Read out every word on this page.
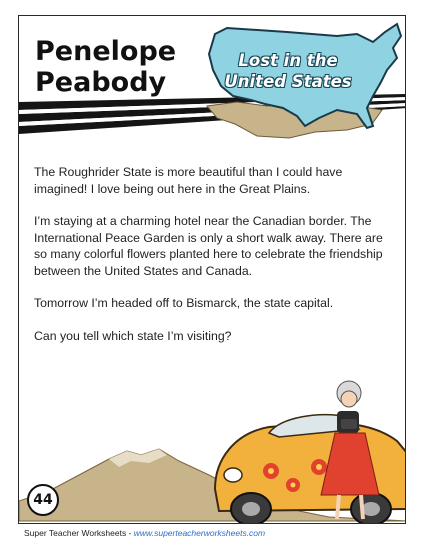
Penelope
Peabody
Lost in the
United States

The Roughrider State is more beautiful than I could have imagined! I love being out here in the Great Plains.

I’m staying at a charming hotel near the Canadian border. The International Peace Garden is only a short walk away. There are so many colorful flowers planted here to celebrate the friendship between the United States and Canada.

Tomorrow I’m headed off to Bismarck, the state capital.

Can you tell which state I’m visiting?

44
Super Teacher Worksheets - www.superteacherworksheets.com
